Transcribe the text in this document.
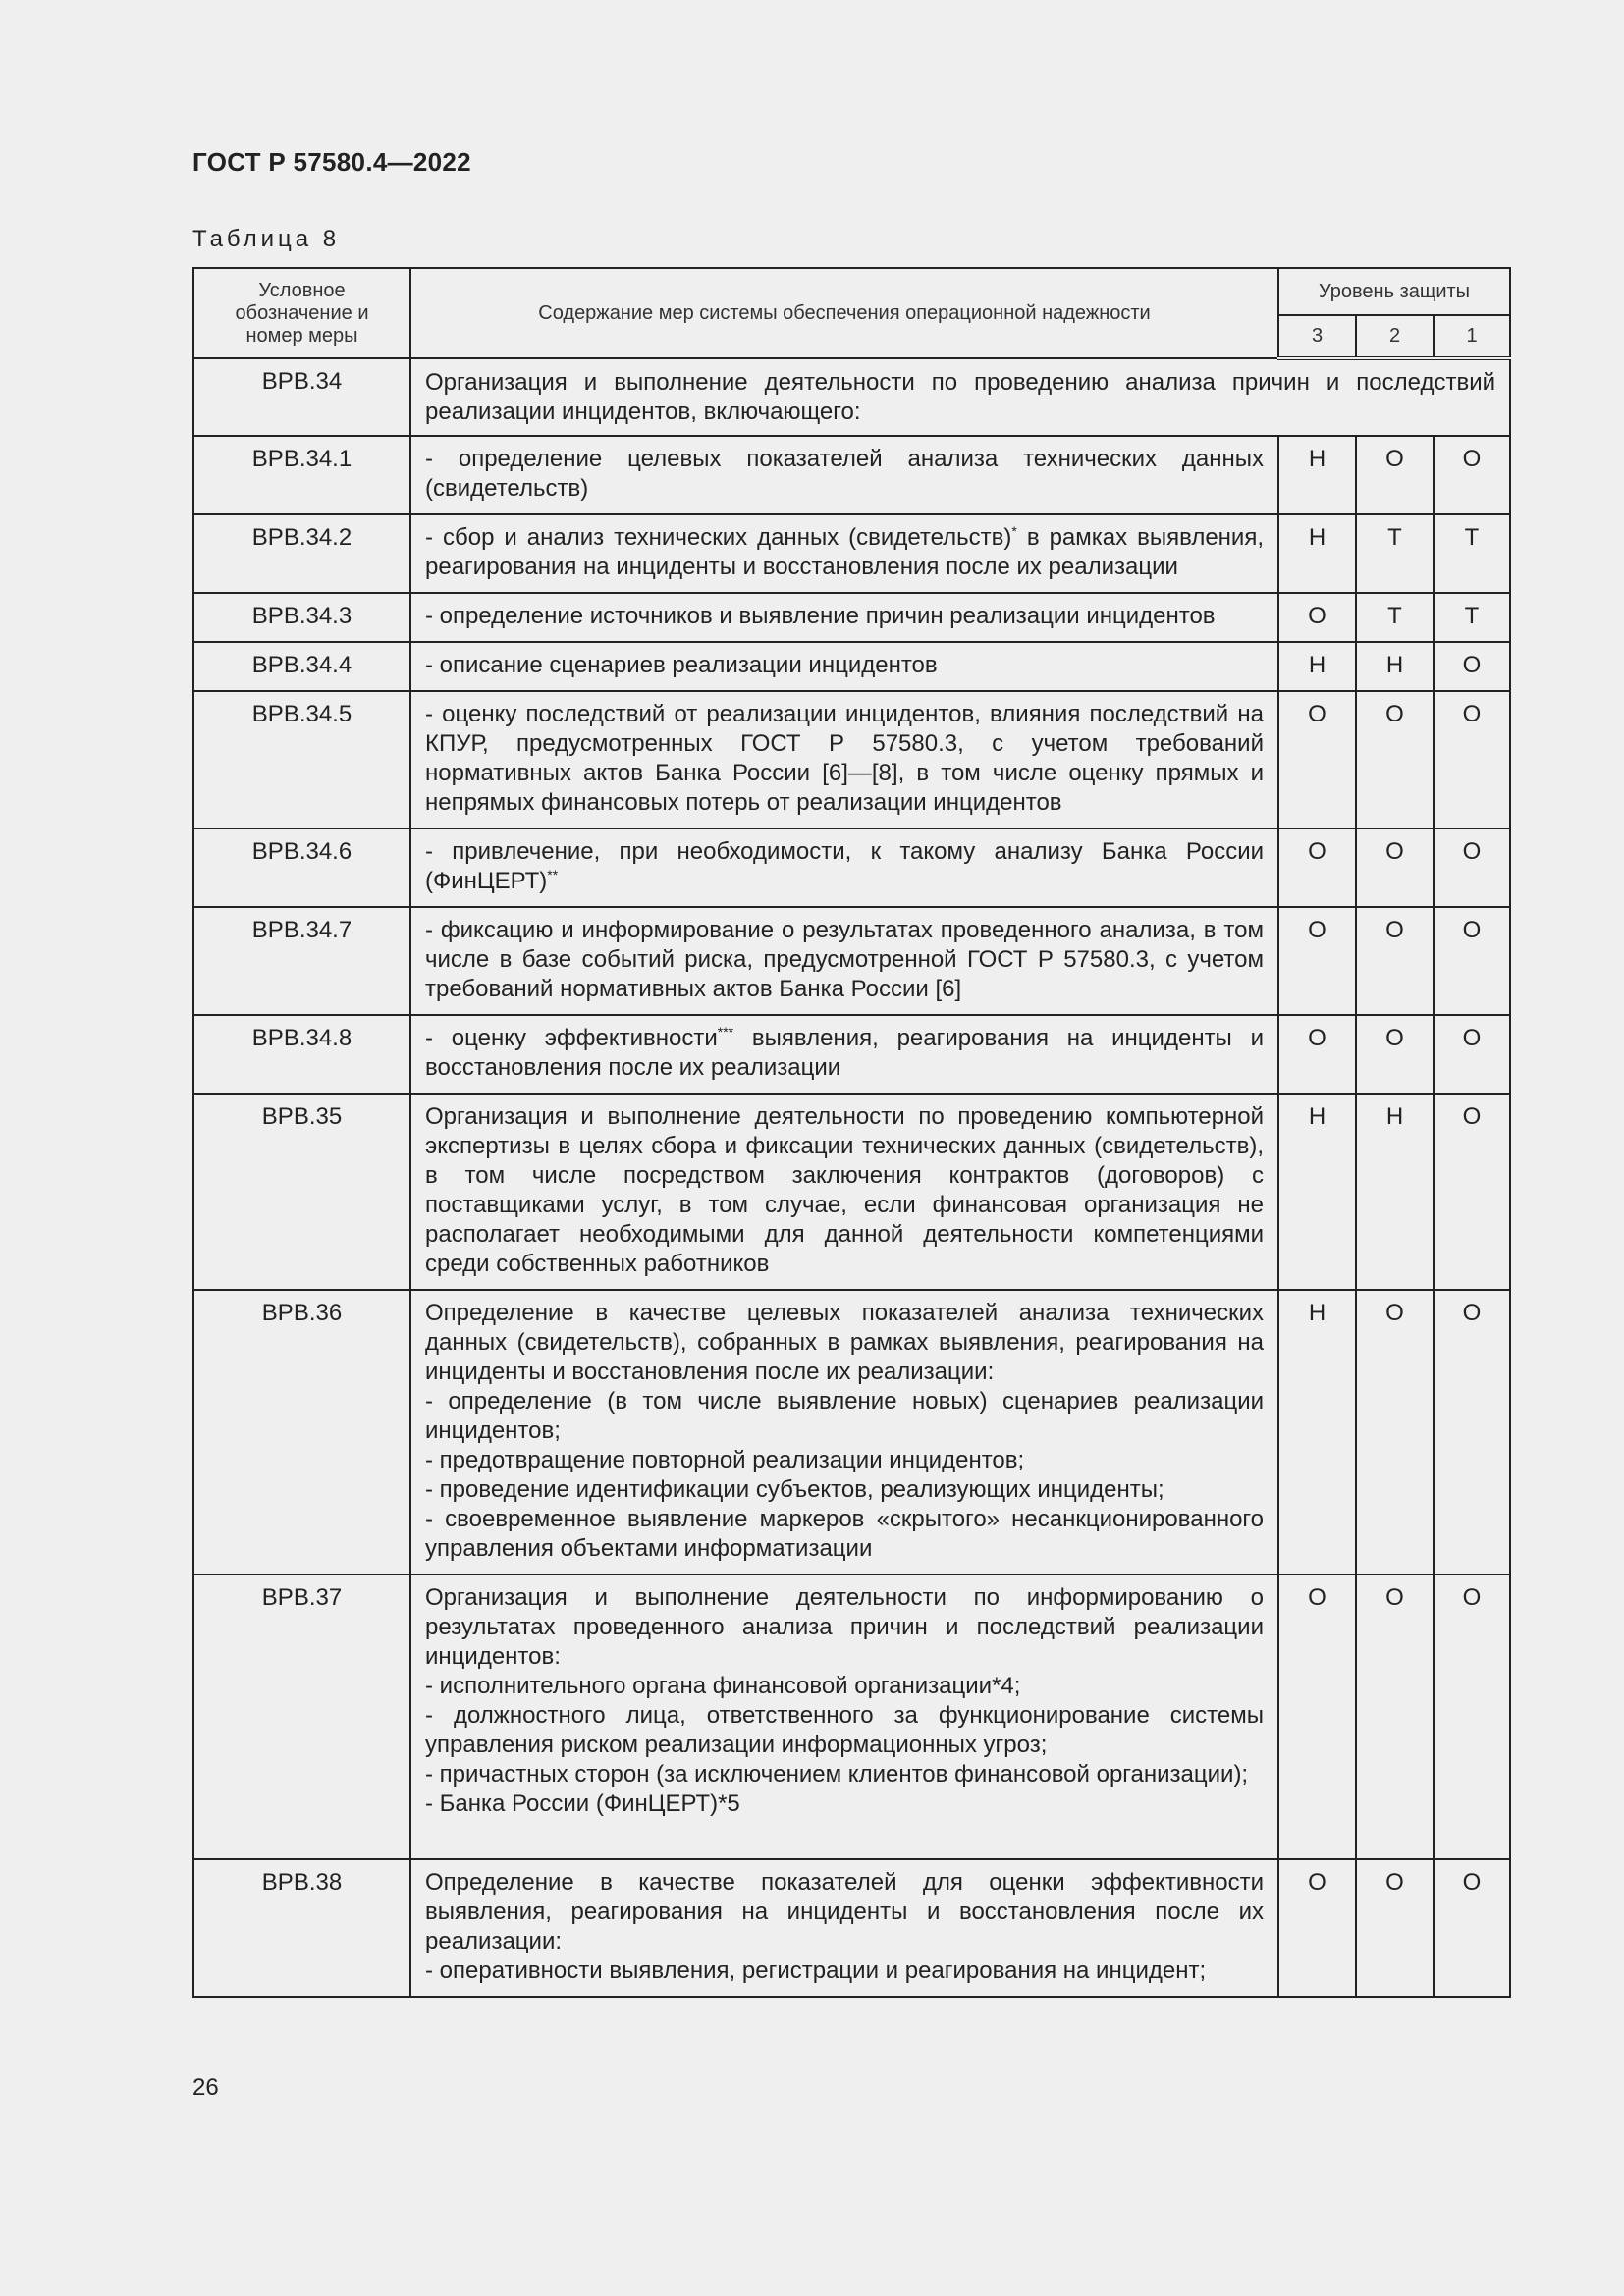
ГОСТ Р 57580.4—2022
Таблица 8
Условное обозначение и номер меры	Содержание мер системы обеспечения операционной надежности	Уровень защиты		
		3	2	1
ВРВ.34	Организация и выполнение деятельности по проведению анализа причин и последствий реализации инцидентов, включающего:			

ВРВ.34.1	- определение целевых показателей анализа технических данных (свидетельств)	Н	О	О
ВРВ.34.2	- сбор и анализ технических данных (свидетельств)* в рамках выявления, реагирования на инциденты и восстановления после их реализации	Н	Т	Т
ВРВ.34.3	- определение источников и выявление причин реализации инцидентов	О	Т	Т
ВРВ.34.4	- описание сценариев реализации инцидентов	Н	Н	О
ВРВ.34.5	- оценку последствий от реализации инцидентов, влияния последствий на КПУР, предусмотренных ГОСТ Р 57580.3, с учетом требований нормативных актов Банка России [6]—[8], в том числе оценку прямых и непрямых финансовых потерь от реализации инцидентов	О	О	О
ВРВ.34.6	- привлечение, при необходимости, к такому анализу Банка России (ФинЦЕРТ)**	О	О	О
ВРВ.34.7	- фиксацию и информирование о результатах проведенного анализа, в том числе в базе событий риска, предусмотренной ГОСТ Р 57580.3, с учетом требований нормативных актов Банка России [6]	О	О	О
ВРВ.34.8	- оценку эффективности*** выявления, реагирования на инциденты и восстановления после их реализации	О	О	О
ВРВ.35	Организация и выполнение деятельности по проведению компьютерной экспертизы в целях сбора и фиксации технических данных (свидетельств), в том числе посредством заключения контрактов (договоров) с поставщиками услуг, в том случае, если финансовая организация не располагает необходимыми для данной деятельности компетенциями среди собственных работников	Н	Н	О
ВРВ.36	Определение в качестве целевых показателей анализа технических данных (свидетельств), собранных в рамках выявления, реагирования на инциденты и восстановления после их реализации:
- определение (в том числе выявление новых) сценариев реализации инцидентов;
- предотвращение повторной реализации инцидентов;
- проведение идентификации субъектов, реализующих инциденты;
- своевременное выявление маркеров «скрытого» несанкционированного управления объектами информатизации	Н	О	О
ВРВ.37	Организация и выполнение деятельности по информированию о результатах проведенного анализа причин и последствий реализации инцидентов:
- исполнительного органа финансовой организации*4;
- должностного лица, ответственного за функционирование системы управления риском реализации информационных угроз;
- причастных сторон (за исключением клиентов финансовой организации);
- Банка России (ФинЦЕРТ)*5	О	О	О
ВРВ.38	Определение в качестве показателей для оценки эффективности выявления, реагирования на инциденты и восстановления после их реализации:
- оперативности выявления, регистрации и реагирования на инцидент;	О	О	О
26
